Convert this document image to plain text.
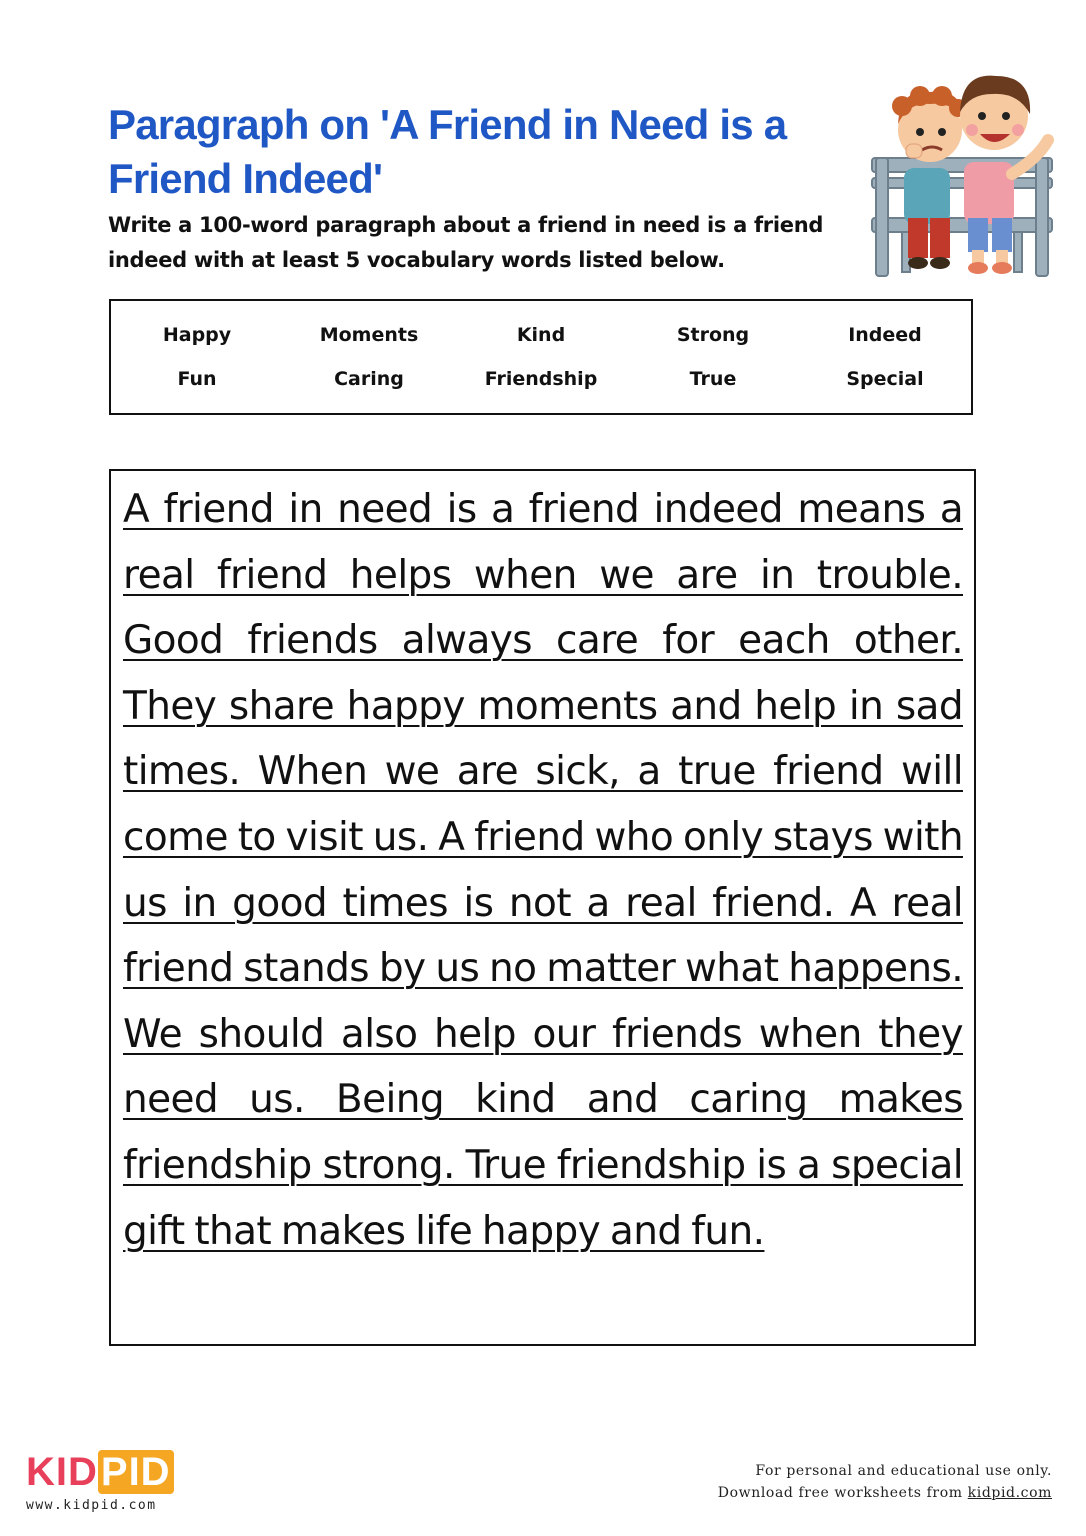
Paragraph on 'A Friend in Need is a Friend Indeed'

Write a 100-word paragraph about a friend in need is a friend indeed with at least 5 vocabulary words listed below.

Happy	Moments	Kind	Strong	Indeed
Fun	Caring	Friendship	True	Special

A friend in need is a friend indeed means a real friend helps when we are in trouble. Good friends always care for each other. They share happy moments and help in sad times. When we are sick, a true friend will come to visit us. A friend who only stays with us in good times is not a real friend. A real friend stands by us no matter what happens. We should also help our friends when they need us. Being kind and caring makes friendship strong. True friendship is a special gift that makes life happy and fun.

KIDPID
www.kidpid.com
For personal and educational use only.
Download free worksheets from kidpid.com
